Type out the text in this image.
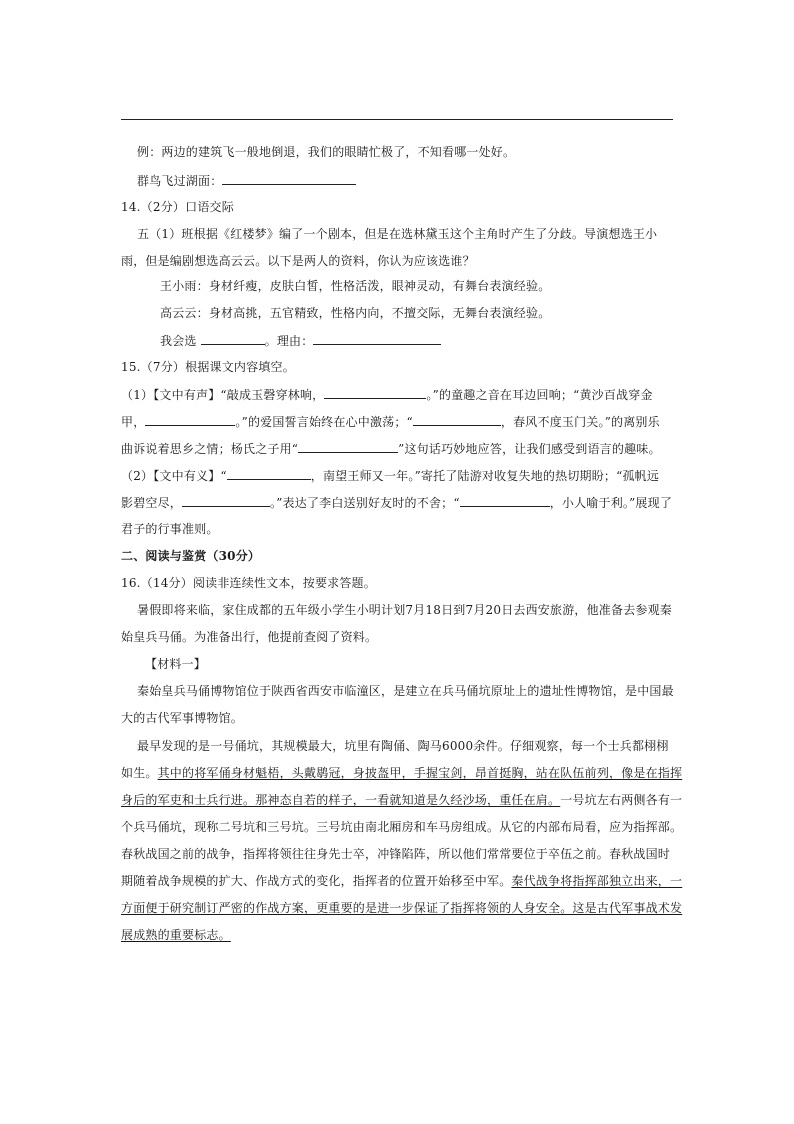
例：两边的建筑飞一般地倒退，我们的眼睛忙极了，不知看哪一处好。
群鸟飞过湖面：
14.（2分）口语交际
五（1）班根据《红楼梦》编了一个剧本，但是在选林黛玉这个主角时产生了分歧。导演想选王小
雨，但是编剧想选高云云。以下是两人的资料，你认为应该选谁？
王小雨：身材纤瘦，皮肤白皙，性格活泼，眼神灵动，有舞台表演经验。
高云云：身材高挑，五官精致，性格内向，不擅交际，无舞台表演经验。
我会选	。理由：
15.（7分）根据课文内容填空。
（1）【文中有声】“敲成玉磬穿林响，	。”的童趣之音在耳边回响；“黄沙百战穿金
甲，	。”的爱国誓言始终在心中激荡；“	，春风不度玉门关。”的离别乐
曲诉说着思乡之情；杨氏之子用“	”这句话巧妙地应答，让我们感受到语言的趣味。
（2）【文中有义】“	，南望王师又一年。”寄托了陆游对收复失地的热切期盼；“孤帆远
影碧空尽，	。”表达了李白送别好友时的不舍；“	，小人喻于利。”展现了
君子的行事准则。
二、阅读与鉴赏（30分）
16.（14分）阅读非连续性文本，按要求答题。
暑假即将来临，家住成都的五年级小学生小明计划7月18日到7月20日去西安旅游，他准备去参观秦
始皇兵马俑。为准备出行，他提前查阅了资料。
【材料一】
秦始皇兵马俑博物馆位于陕西省西安市临潼区，是建立在兵马俑坑原址上的遗址性博物馆，是中国最
大的古代军事博物馆。
最早发现的是一号俑坑，其规模最大，坑里有陶俑、陶马6000余件。仔细观察，每一个士兵都栩栩
如生。其中的将军俑身材魁梧，头戴鹖冠，身披盔甲，手握宝剑，昂首挺胸，站在队伍前列，像是在指挥
身后的军吏和士兵行进。那神态自若的样子，一看就知道是久经沙场，重任在肩。一号坑左右两侧各有一
个兵马俑坑，现称二号坑和三号坑。三号坑由南北厢房和车马房组成。从它的内部布局看，应为指挥部。
春秋战国之前的战争，指挥将领往往身先士卒，冲锋陷阵，所以他们常常要位于卒伍之前。春秋战国时
期随着战争规模的扩大、作战方式的变化，指挥者的位置开始移至中军。秦代战争将指挥部独立出来，一
方面便于研究制订严密的作战方案，更重要的是进一步保证了指挥将领的人身安全。这是古代军事战术发
展成熟的重要标志。
